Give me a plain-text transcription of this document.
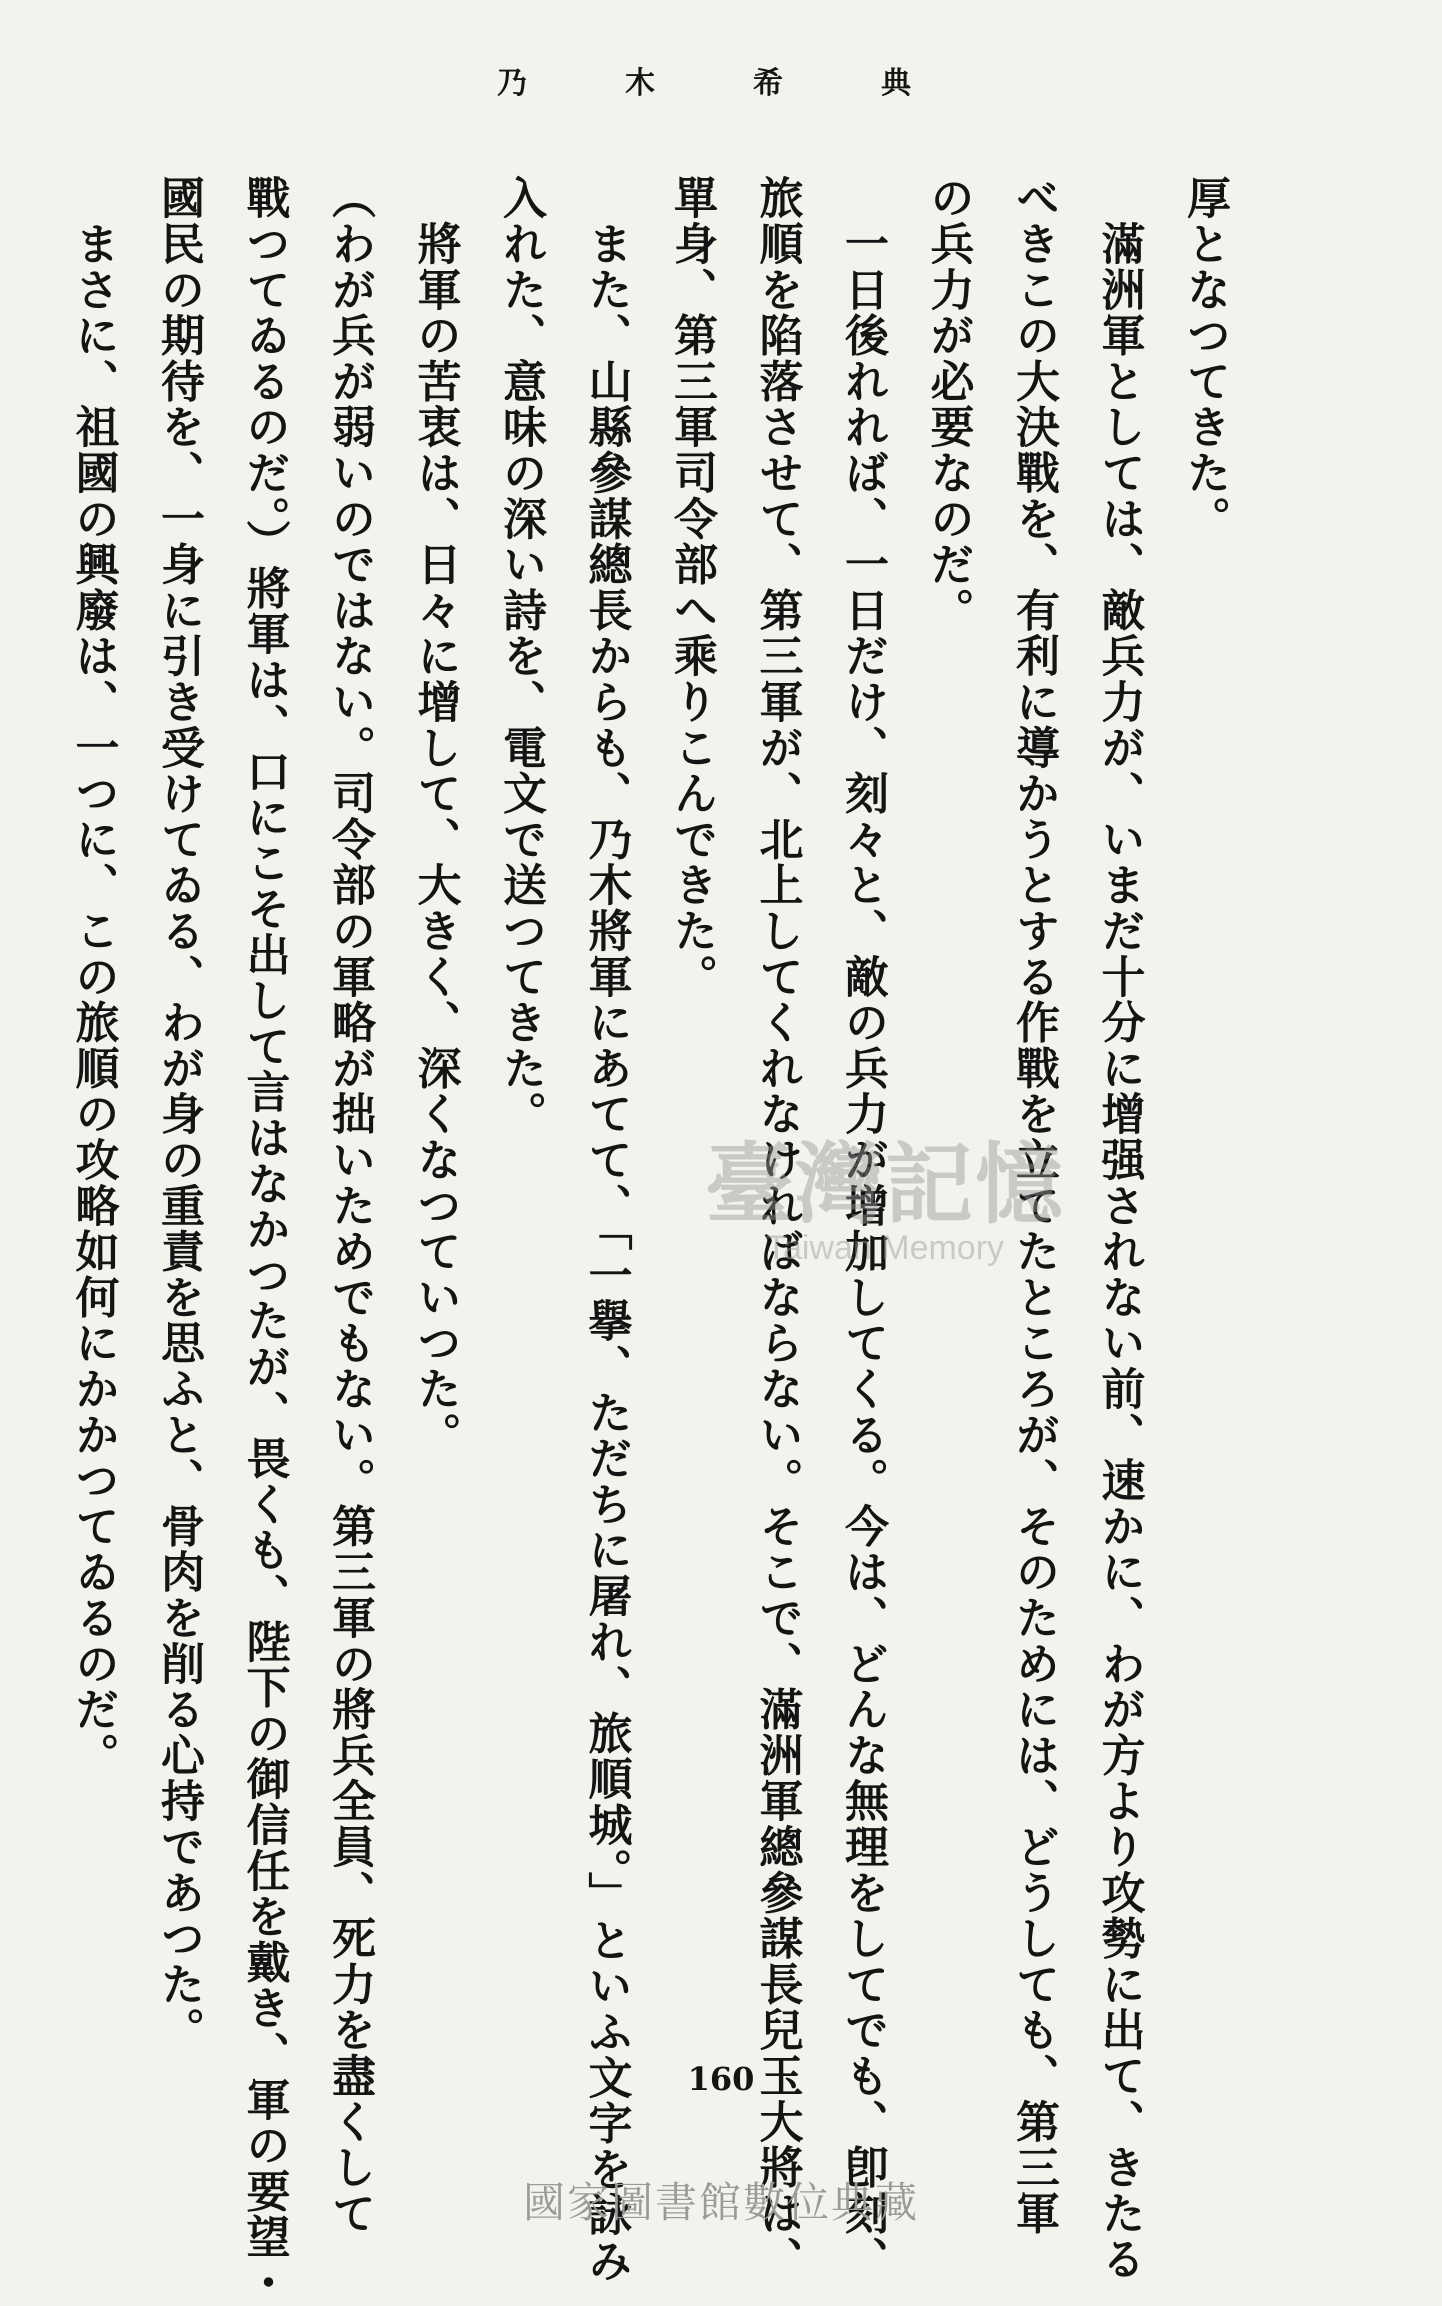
乃　木　希　典
厚となつてきた。
　滿洲軍としては、敵兵力が、いまだ十分に增强されない前、速かに、わが方より攻勢に出て、きたる
べきこの大決戰を、有利に導かうとする作戰を立てたところが、そのためには、どうしても、第三軍
の兵力が必要なのだ。
　一日後れれば、一日だけ、刻々と、敵の兵力が增加してくる。今は、どんな無理をしてでも、卽刻、
旅順を陷落させて、第三軍が、北上してくれなければならない。そこで、滿洲軍總參謀長兒玉大將は、
單身、第三軍司令部へ乘りこんできた。
　また、山縣參謀總長からも、乃木將軍にあてて、「一擧、ただちに屠れ、旅順城。」といふ文字を詠み
入れた、意味の深い詩を、電文で送つてきた。
　將軍の苦衷は、日々に增して、大きく、深くなつていつた。
（わが兵が弱いのではない。司令部の軍略が拙いためでもない。第三軍の將兵全員、死力を盡くして
戰つてゐるのだ。）將軍は、口にこそ出して言はなかつたが、畏くも、陛下の御信任を戴き、軍の要望・
國民の期待を、一身に引き受けてゐる、わが身の重責を思ふと、骨肉を削る心持であつた。
　まさに、祖國の興廢は、一つに、この旅順の攻略如何にかかつてゐるのだ。	臺灣記憶
Taiwan Memory
160
國家圖書館數位典藏
